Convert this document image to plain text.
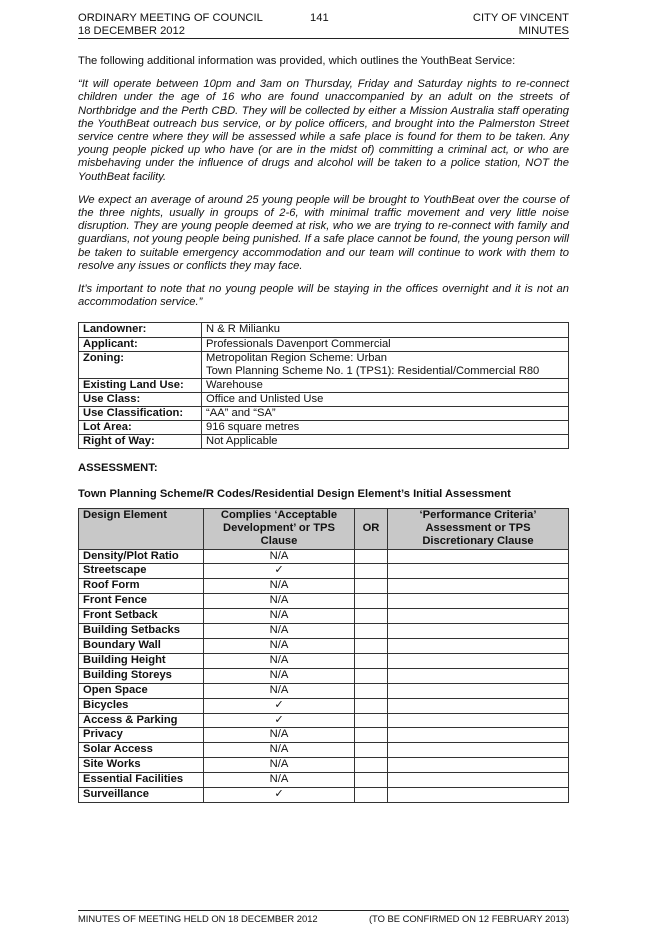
ORDINARY MEETING OF COUNCIL
18 DECEMBER 2012
141	CITY OF VINCENT
MINUTES

The following additional information was provided, which outlines the YouthBeat Service:

“It will operate between 10pm and 3am on Thursday, Friday and Saturday nights to re-connect children under the age of 16 who are found unaccompanied by an adult on the streets of Northbridge and the Perth CBD. They will be collected by either a Mission Australia staff operating the YouthBeat outreach bus service, or by police officers, and brought into the Palmerston Street service centre where they will be assessed while a safe place is found for them to be taken. Any young people picked up who have (or are in the midst of) committing a criminal act, or who are misbehaving under the influence of drugs and alcohol will be taken to a police station, NOT the YouthBeat facility.

We expect an average of around 25 young people will be brought to YouthBeat over the course of the three nights, usually in groups of 2-6, with minimal traffic movement and very little noise disruption. They are young people deemed at risk, who we are trying to re-connect with family and guardians, not young people being punished. If a safe place cannot be found, the young person will be taken to suitable emergency accommodation and our team will continue to work with them to resolve any issues or conflicts they may face.

It’s important to note that no young people will be staying in the offices overnight and it is not an accommodation service.”

Landowner:	N & R Milianku

Applicant:	Professionals Davenport Commercial

Zoning:	Metropolitan Region Scheme: Urban
Town Planning Scheme No. 1 (TPS1): Residential/Commercial R80

Existing Land Use:	Warehouse

Use Class:	Office and Unlisted Use

Use Classification:	“AA” and “SA”

Lot Area:	916 square metres

Right of Way:	Not Applicable
ASSESSMENT:
Town Planning Scheme/R Codes/Residential Design Element’s Initial Assessment
Design Element	Complies ‘Acceptable Development’ or TPS Clause	OR	‘Performance Criteria’ Assessment or TPS Discretionary Clause
Density/Plot Ratio	N/A		
Streetscape	✓		
Roof Form	N/A		
Front Fence	N/A		
Front Setback	N/A		
Building Setbacks	N/A		
Boundary Wall	N/A		
Building Height	N/A		
Building Storeys	N/A		
Open Space	N/A		
Bicycles	✓		
Access & Parking	✓		
Privacy	N/A		
Solar Access	N/A		
Site Works	N/A		
Essential Facilities	N/A		
Surveillance	✓		
MINUTES OF MEETING HELD ON 18 DECEMBER 2012	(TO BE CONFIRMED ON 12 FEBRUARY 2013)
